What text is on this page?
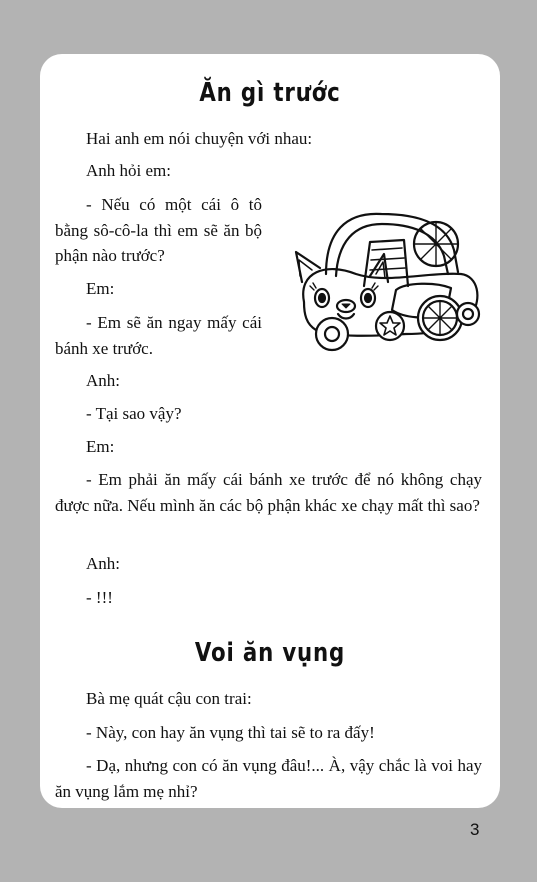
Ăn gì trước

Hai anh em nói chuyện với nhau:

Anh hỏi em:

- Nếu có một cái ô tô bằng sô-cô-la thì em sẽ ăn bộ phận nào trước?

Em:

- Em sẽ ăn ngay mấy cái bánh xe trước.

Anh:

- Tại sao vậy?

Em:

- Em phải ăn mấy cái bánh xe trước để nó không chạy được nữa. Nếu mình ăn các bộ phận khác xe chạy mất thì sao?

Anh:

- !!!

Voi ăn vụng

Bà mẹ quát cậu con trai:

- Này, con hay ăn vụng thì tai sẽ to ra đấy!

- Dạ, nhưng con có ăn vụng đâu!... À, vậy chắc là voi hay ăn vụng lắm mẹ nhỉ?

3
